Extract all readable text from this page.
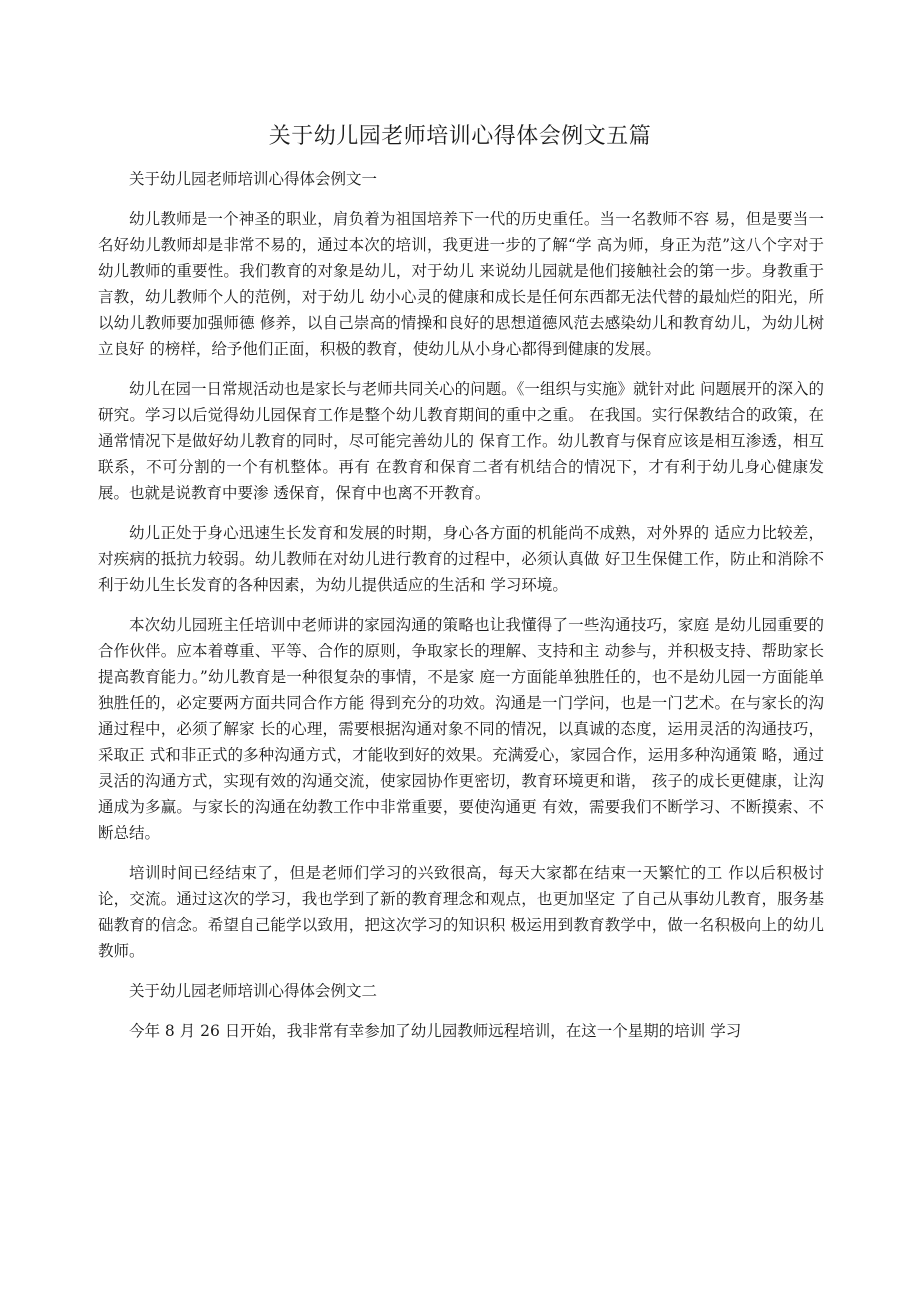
关于幼儿园老师培训心得体会例文五篇

关于幼儿园老师培训心得体会例文一

幼儿教师是一个神圣的职业，肩负着为祖国培养下一代的历史重任。当一名教师不容 易，但是要当一名好幼儿教师却是非常不易的，通过本次的培训，我更进一步的了解“学 高为师，身正为范”这八个字对于幼儿教师的重要性。我们教育的对象是幼儿，对于幼儿 来说幼儿园就是他们接触社会的第一步。身教重于言教，幼儿教师个人的范例，对于幼儿 幼小心灵的健康和成长是任何东西都无法代替的最灿烂的阳光，所以幼儿教师要加强师德 修养，以自己崇高的情操和良好的思想道德风范去感染幼儿和教育幼儿，为幼儿树立良好 的榜样，给予他们正面，积极的教育，使幼儿从小身心都得到健康的发展。

幼儿在园一日常规活动也是家长与老师共同关心的问题。《一组织与实施》就针对此 问题展开的深入的研究。学习以后觉得幼儿园保育工作是整个幼儿教育期间的重中之重。 在我国。实行保教结合的政策，在通常情况下是做好幼儿教育的同时，尽可能完善幼儿的 保育工作。幼儿教育与保育应该是相互渗透，相互联系，不可分割的一个有机整体。再有 在教育和保育二者有机结合的情况下，才有利于幼儿身心健康发展。也就是说教育中要渗 透保育，保育中也离不开教育。

幼儿正处于身心迅速生长发育和发展的时期，身心各方面的机能尚不成熟，对外界的 适应力比较差，对疾病的抵抗力较弱。幼儿教师在对幼儿进行教育的过程中，必须认真做 好卫生保健工作，防止和消除不利于幼儿生长发育的各种因素，为幼儿提供适应的生活和 学习环境。

本次幼儿园班主任培训中老师讲的家园沟通的策略也让我懂得了一些沟通技巧，家庭 是幼儿园重要的合作伙伴。应本着尊重、平等、合作的原则，争取家长的理解、支持和主 动参与，并积极支持、帮助家长提高教育能力。”幼儿教育是一种很复杂的事情，不是家 庭一方面能单独胜任的，也不是幼儿园一方面能单独胜任的，必定要两方面共同合作方能 得到充分的功效。沟通是一门学问，也是一门艺术。在与家长的沟通过程中，必须了解家 长的心理，需要根据沟通对象不同的情况，以真诚的态度，运用灵活的沟通技巧，采取正 式和非正式的多种沟通方式，才能收到好的效果。充满爱心，家园合作，运用多种沟通策 略，通过灵活的沟通方式，实现有效的沟通交流，使家园协作更密切，教育环境更和谐， 孩子的成长更健康，让沟通成为多赢。与家长的沟通在幼教工作中非常重要，要使沟通更 有效，需要我们不断学习、不断摸索、不断总结。

培训时间已经结束了，但是老师们学习的兴致很高，每天大家都在结束一天繁忙的工 作以后积极讨论，交流。通过这次的学习，我也学到了新的教育理念和观点，也更加坚定 了自己从事幼儿教育，服务基础教育的信念。希望自己能学以致用，把这次学习的知识积 极运用到教育教学中，做一名积极向上的幼儿教师。

关于幼儿园老师培训心得体会例文二

今年 8 月 26 日开始，我非常有幸参加了幼儿园教师远程培训，在这一个星期的培训 学习
